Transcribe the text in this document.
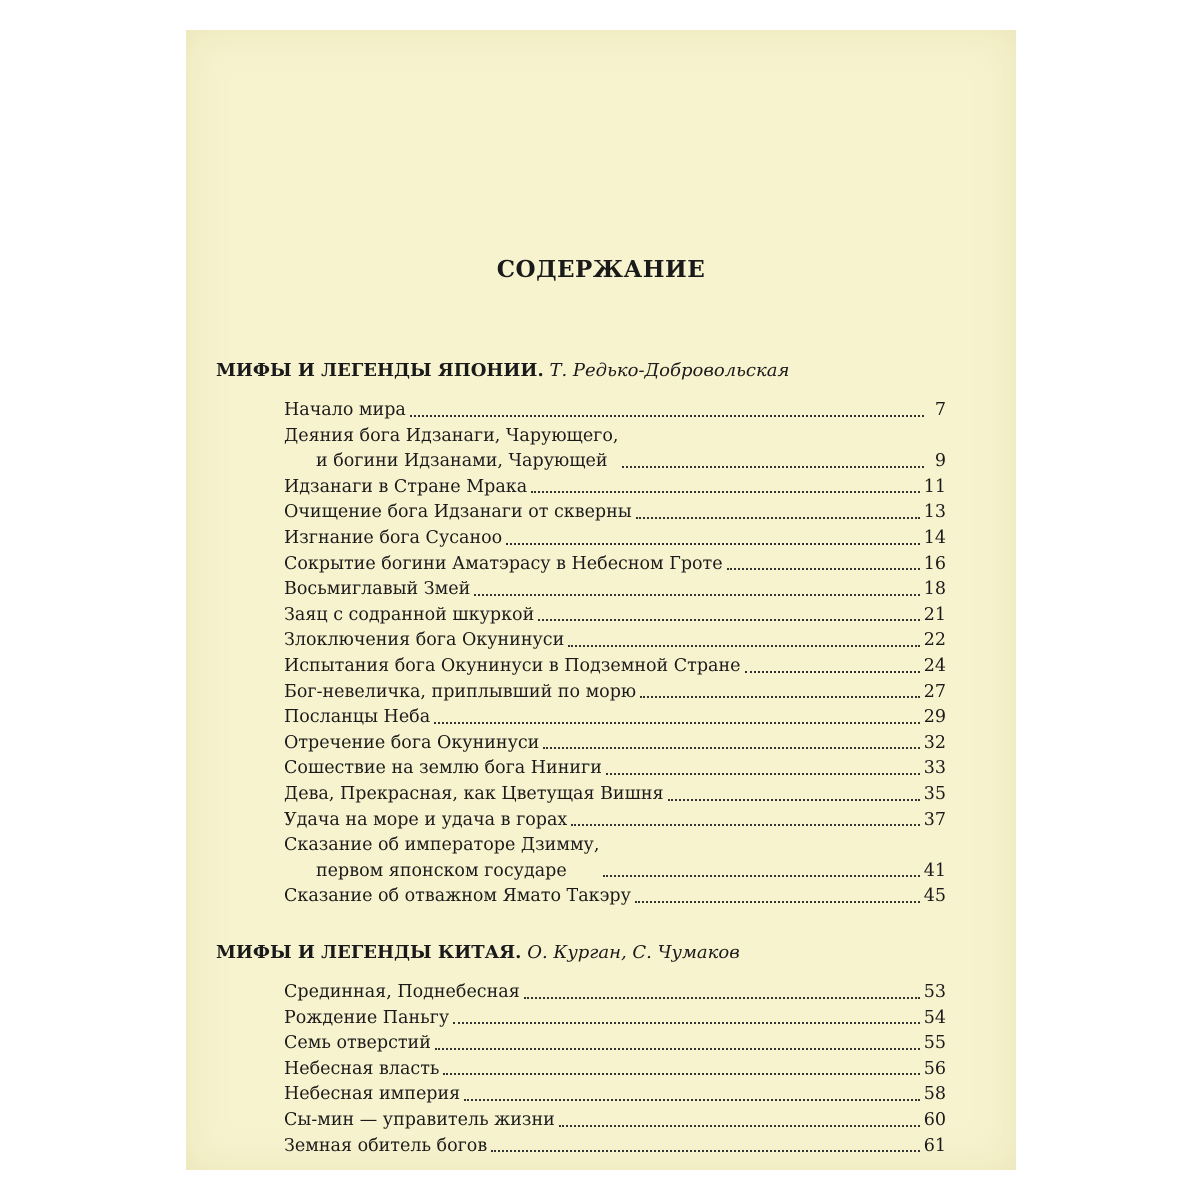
СОДЕРЖАНИЕ
МИФЫ И ЛЕГЕНДЫ ЯПОНИИ. Т. Редько-Добровольская
Начало мира	7
Деяния бога Идзанаги, Чарующего,
и богини Идзанами, Чарующей	9
Идзанаги в Стране Мрака	11
Очищение бога Идзанаги от скверны	13
Изгнание бога Сусаноо	14
Сокрытие богини Аматэрасу в Небесном Гроте	16
Восьмиглавый Змей	18
Заяц с содранной шкуркой	21
Злоключения бога Окунинуси	22
Испытания бога Окунинуси в Подземной Стране	24
Бог-невеличка, приплывший по морю	27
Посланцы Неба	29
Отречение бога Окунинуси	32
Сошествие на землю бога Ниниги	33
Дева, Прекрасная, как Цветущая Вишня	35
Удача на море и удача в горах	37
Сказание об императоре Дзимму,
первом японском государе	41
Сказание об отважном Ямато Такэру	45
МИФЫ И ЛЕГЕНДЫ КИТАЯ. О. Курган, С. Чумаков
Срединная, Поднебесная	53
Рождение Паньгу	54
Семь отверстий	55
Небесная власть	56
Небесная империя	58
Сы-мин — управитель жизни	60
Земная обитель богов	61
